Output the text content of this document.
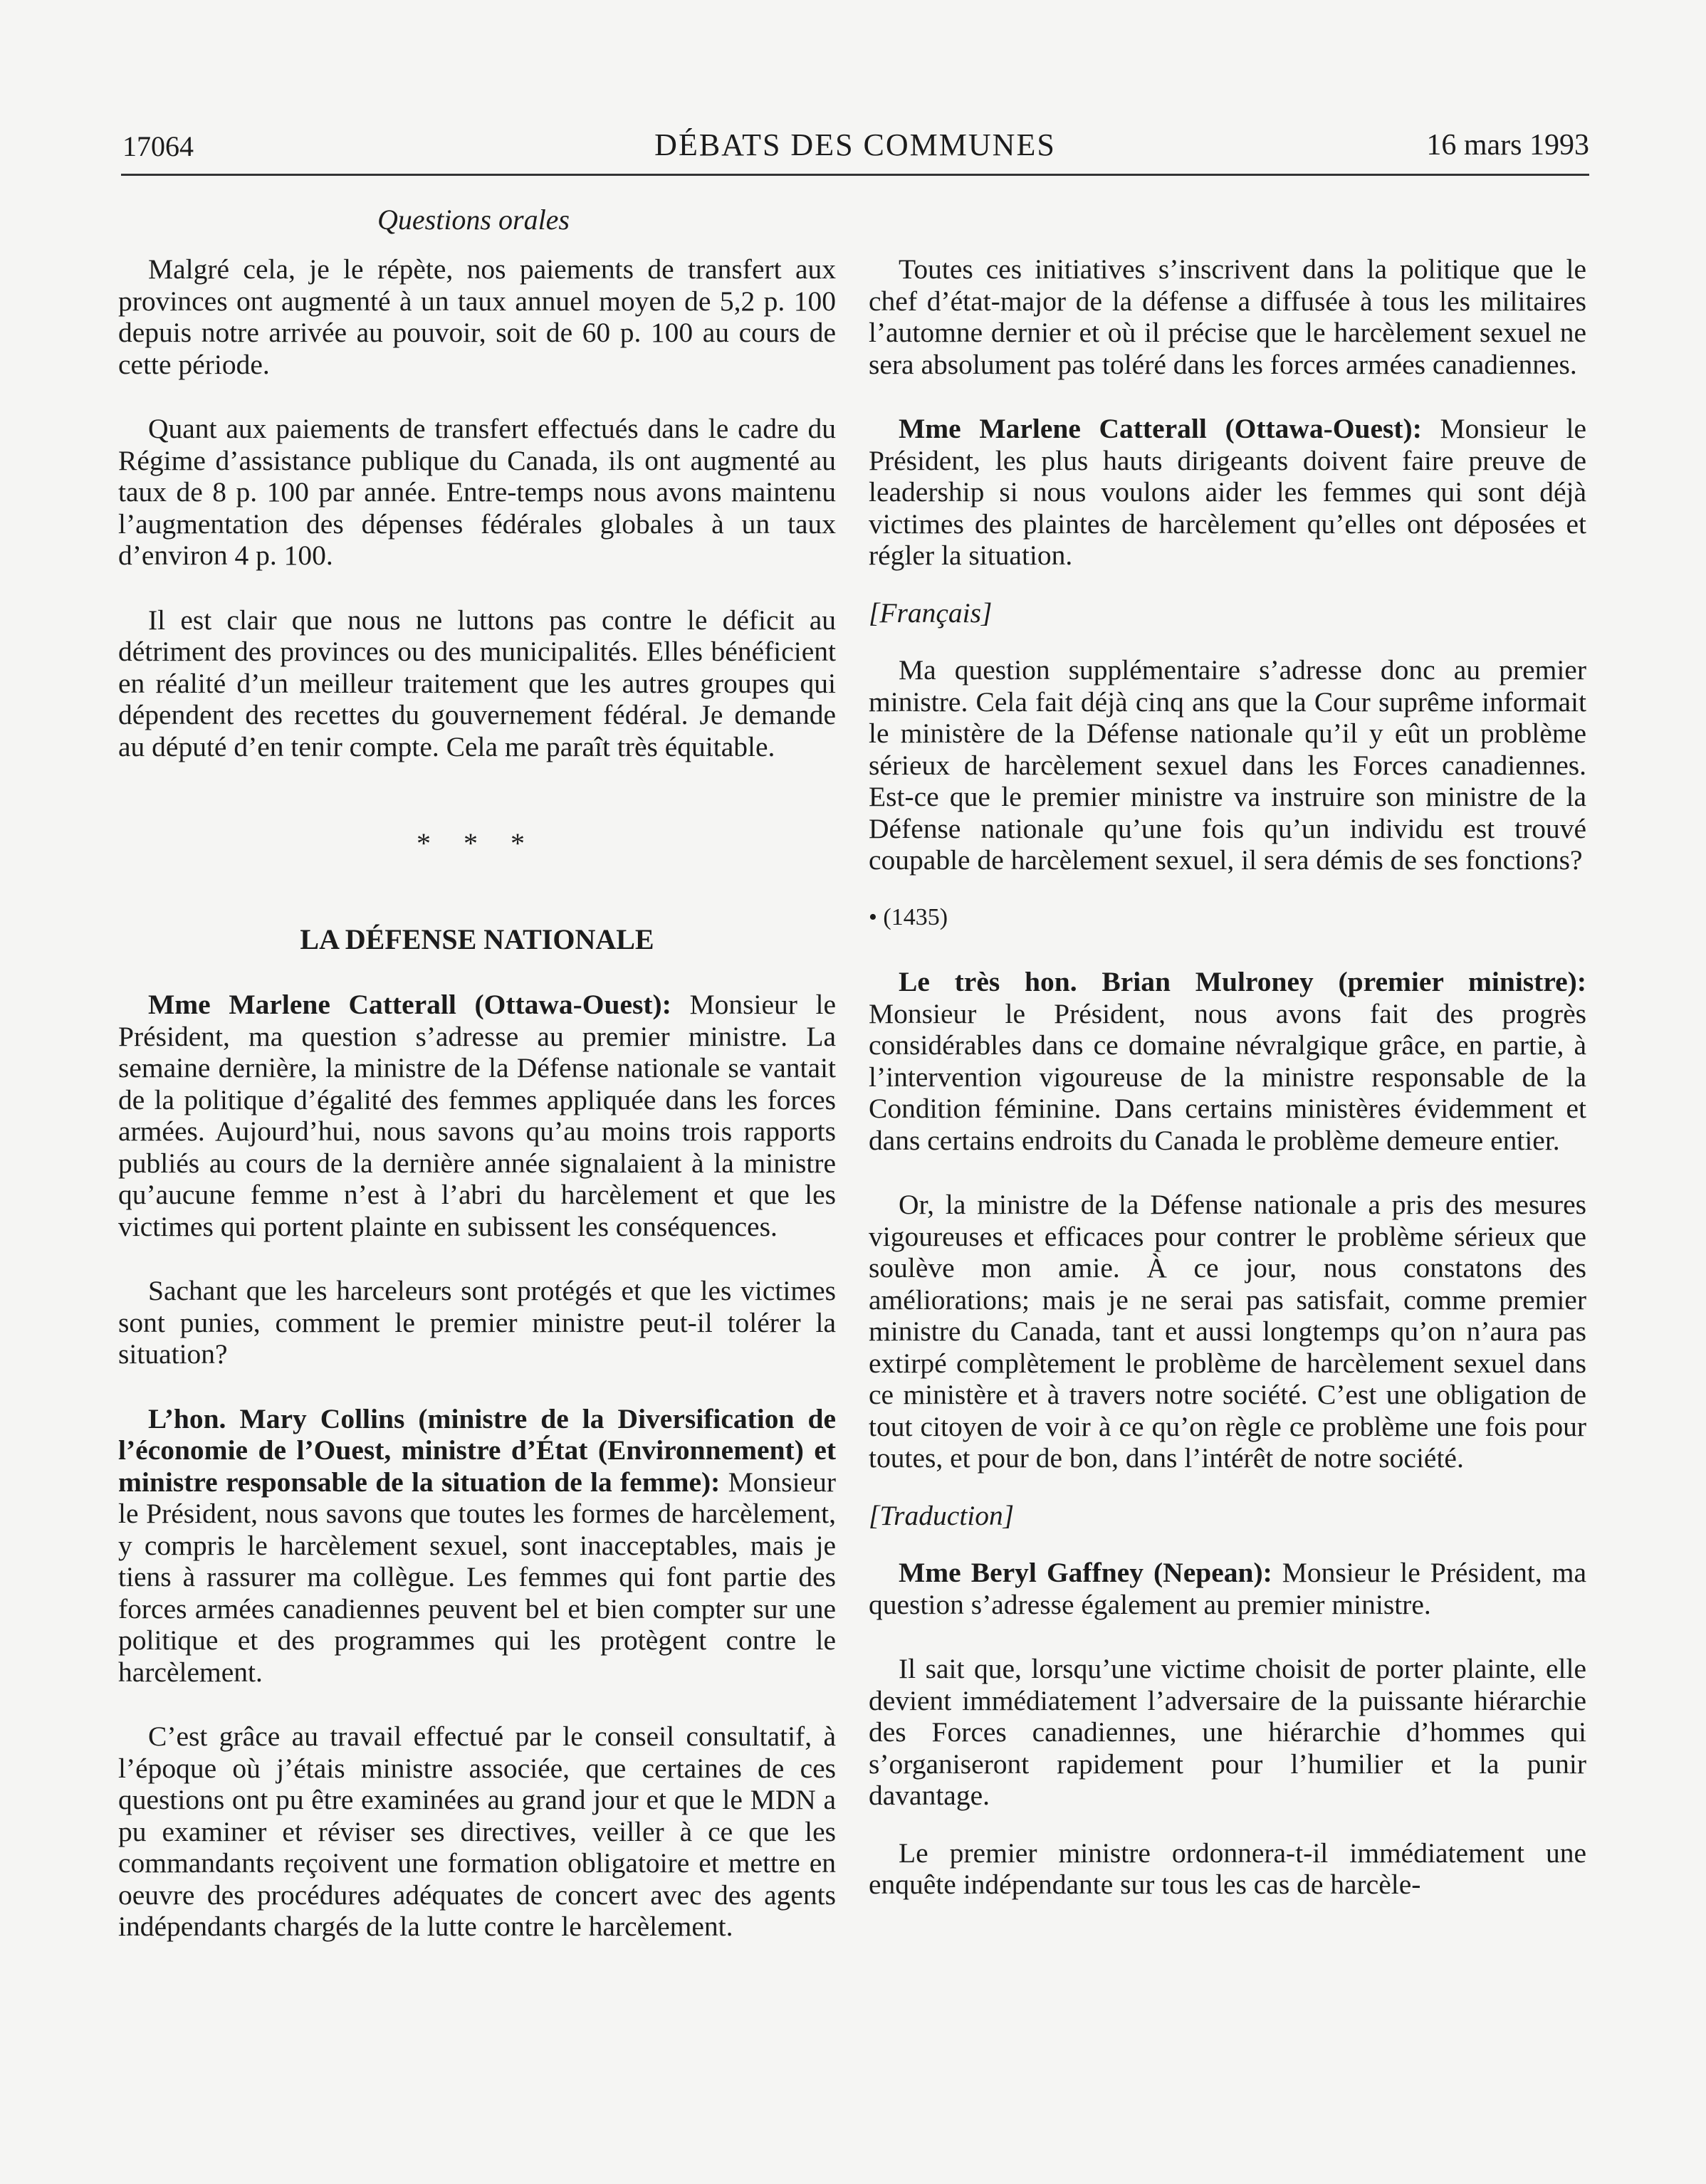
17064	DÉBATS DES COMMUNES	16 mars 1993
Questions orales

Malgré cela, je le répète, nos paiements de transfert aux provinces ont augmenté à un taux annuel moyen de 5,2 p. 100 depuis notre arrivée au pouvoir, soit de 60 p. 100 au cours de cette période.

Quant aux paiements de transfert effectués dans le cadre du Régime d’assistance publique du Canada, ils ont augmenté au taux de 8 p. 100 par année. Entre-temps nous avons maintenu l’augmentation des dépenses fédérales globales à un taux d’environ 4 p. 100.

Il est clair que nous ne luttons pas contre le déficit au détriment des provinces ou des municipalités. Elles bénéficient en réalité d’un meilleur traitement que les autres groupes qui dépendent des recettes du gouvernement fédéral. Je demande au député d’en tenir compte. Cela me paraît très équitable.

* * *
LA DÉFENSE NATIONALE

Mme Marlene Catterall (Ottawa-Ouest): Monsieur le Président, ma question s’adresse au premier ministre. La semaine dernière, la ministre de la Défense nationale se vantait de la politique d’égalité des femmes appliquée dans les forces armées. Aujourd’hui, nous savons qu’au moins trois rapports publiés au cours de la dernière année signalaient à la ministre qu’aucune femme n’est à l’abri du harcèlement et que les victimes qui portent plainte en subissent les conséquences.

Sachant que les harceleurs sont protégés et que les victimes sont punies, comment le premier ministre peut-il tolérer la situation?

L’hon. Mary Collins (ministre de la Diversification de l’économie de l’Ouest, ministre d’État (Environnement) et ministre responsable de la situation de la femme): Monsieur le Président, nous savons que toutes les formes de harcèlement, y compris le harcèlement sexuel, sont inacceptables, mais je tiens à rassurer ma collègue. Les femmes qui font partie des forces armées canadiennes peuvent bel et bien compter sur une politique et des programmes qui les protègent contre le harcèlement.

C’est grâce au travail effectué par le conseil consultatif, à l’époque où j’étais ministre associée, que certaines de ces questions ont pu être examinées au grand jour et que le MDN a pu examiner et réviser ses directives, veiller à ce que les commandants reçoivent une formation obligatoire et mettre en oeuvre des procédures adéquates de concert avec des agents indépendants chargés de la lutte contre le harcèlement.

Toutes ces initiatives s’inscrivent dans la politique que le chef d’état-major de la défense a diffusée à tous les militaires l’automne dernier et où il précise que le harcèlement sexuel ne sera absolument pas toléré dans les forces armées canadiennes.

Mme Marlene Catterall (Ottawa-Ouest): Monsieur le Président, les plus hauts dirigeants doivent faire preuve de leadership si nous voulons aider les femmes qui sont déjà victimes des plaintes de harcèlement qu’elles ont déposées et régler la situation.

[Français]

Ma question supplémentaire s’adresse donc au premier ministre. Cela fait déjà cinq ans que la Cour suprême informait le ministère de la Défense nationale qu’il y eût un problème sérieux de harcèlement sexuel dans les Forces canadiennes. Est-ce que le premier ministre va instruire son ministre de la Défense nationale qu’une fois qu’un individu est trouvé coupable de harcèlement sexuel, il sera démis de ses fonctions?

• (1435)

Le très hon. Brian Mulroney (premier ministre): Monsieur le Président, nous avons fait des progrès considérables dans ce domaine névralgique grâce, en partie, à l’intervention vigoureuse de la ministre responsable de la Condition féminine. Dans certains ministères évidemment et dans certains endroits du Canada le problème demeure entier.

Or, la ministre de la Défense nationale a pris des mesures vigoureuses et efficaces pour contrer le problème sérieux que soulève mon amie. À ce jour, nous constatons des améliorations; mais je ne serai pas satisfait, comme premier ministre du Canada, tant et aussi longtemps qu’on n’aura pas extirpé complètement le problème de harcèlement sexuel dans ce ministère et à travers notre société. C’est une obligation de tout citoyen de voir à ce qu’on règle ce problème une fois pour toutes, et pour de bon, dans l’intérêt de notre société.

[Traduction]

Mme Beryl Gaffney (Nepean): Monsieur le Président, ma question s’adresse également au premier ministre.

Il sait que, lorsqu’une victime choisit de porter plainte, elle devient immédiatement l’adversaire de la puissante hiérarchie des Forces canadiennes, une hiérarchie d’hommes qui s’organiseront rapidement pour l’humilier et la punir davantage.

Le premier ministre ordonnera-t-il immédiatement une enquête indépendante sur tous les cas de harcèle-
